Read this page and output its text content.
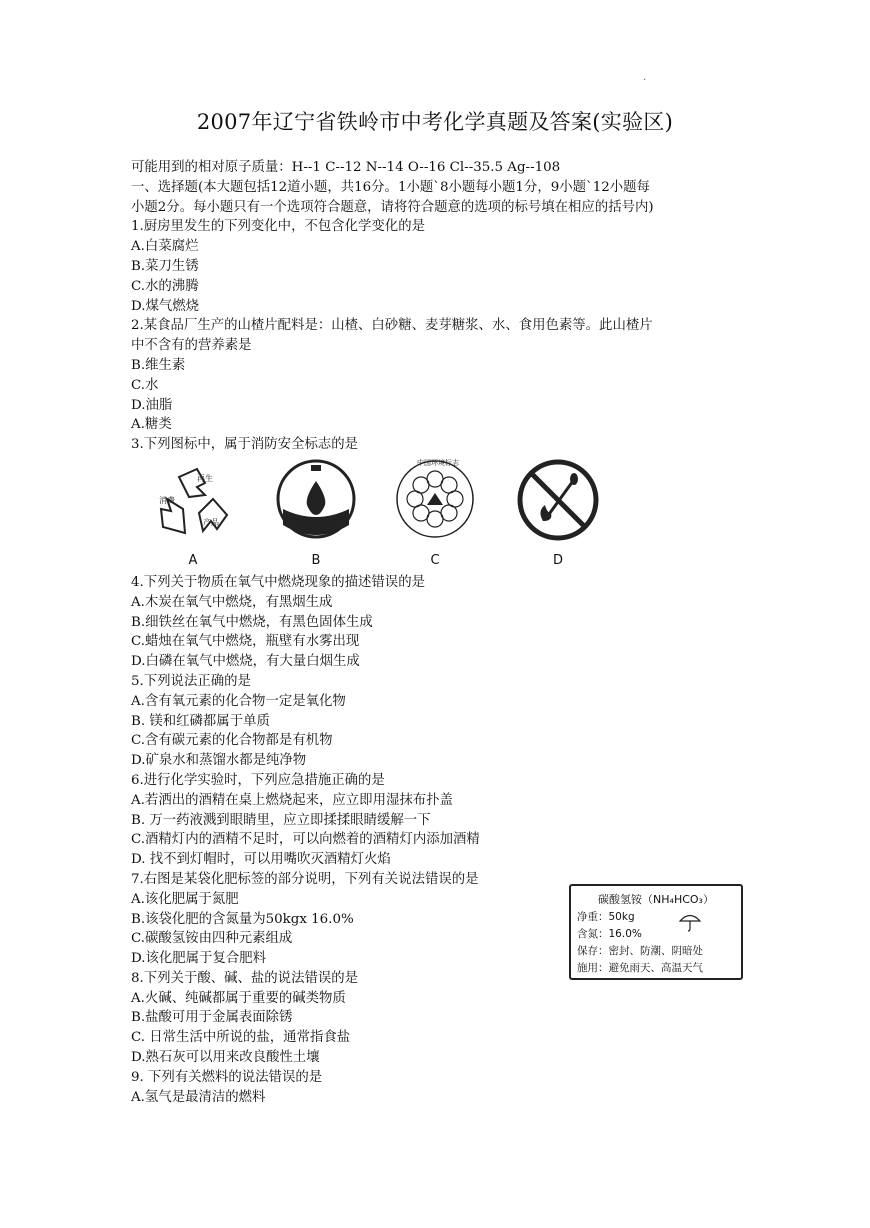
.
2007年辽宁省铁岭市中考化学真题及答案(实验区)
可能用到的相对原子质量：H--1 C--12 N--14 O--16 Cl--35.5 Ag--108
一、选择题(本大题包括12道小题，共16分。1小题`8小题每小题1分，9小题`12小题每
小题2分。每小题只有一个选项符合题意，请将符合题意的选项的标号填在相应的括号内)
1.厨房里发生的下列变化中，不包含化学变化的是
A.白菜腐烂
B.菜刀生锈
C.水的沸腾
D.煤气燃烧
2.某食品厂生产的山楂片配料是：山楂、白砂糖、麦芽糖浆、水、食用色素等。此山楂片
中不含有的营养素是
B.维生素
C.水
D.油脂
A.糖类
3.下列图标中，属于消防安全标志的是
再生
消费
产品
A	B
中国环境标志
C	D
4.下列关于物质在氧气中燃烧现象的描述错误的是
A.木炭在氧气中燃烧，有黑烟生成
B.细铁丝在氧气中燃烧，有黑色固体生成
C.蜡烛在氧气中燃烧，瓶壁有水雾出现
D.白磷在氧气中燃烧，有大量白烟生成
5.下列说法正确的是
A.含有氧元素的化合物一定是氧化物
B. 镁和红磷都属于单质
C.含有碳元素的化合物都是有机物
D.矿泉水和蒸馏水都是纯净物
6.进行化学实验时，下列应急措施正确的是
A.若洒出的酒精在桌上燃烧起来，应立即用湿抹布扑盖
B. 万一药液溅到眼睛里，应立即揉揉眼睛缓解一下
C.酒精灯内的酒精不足时，可以向燃着的酒精灯内添加酒精
D. 找不到灯帽时，可以用嘴吹灭酒精灯火焰
7.右图是某袋化肥标签的部分说明，下列有关说法错误的是
A.该化肥属于氮肥
B.该袋化肥的含氮量为50kgx 16.0%
C.碳酸氢铵由四种元素组成
D.该化肥属于复合肥料
碳酸氢铵（NH₄HCO₃）
净重：50kg
含氮：16.0%
保存：密封、防潮、阴暗处
施用：避免雨天、高温天气
8.下列关于酸、碱、盐的说法错误的是
A.火碱、纯碱都属于重要的碱类物质
B.盐酸可用于金属表面除锈
C. 日常生活中所说的盐，通常指食盐
D.熟石灰可以用来改良酸性土壤
9. 下列有关燃料的说法错误的是
A.氢气是最清洁的燃料
